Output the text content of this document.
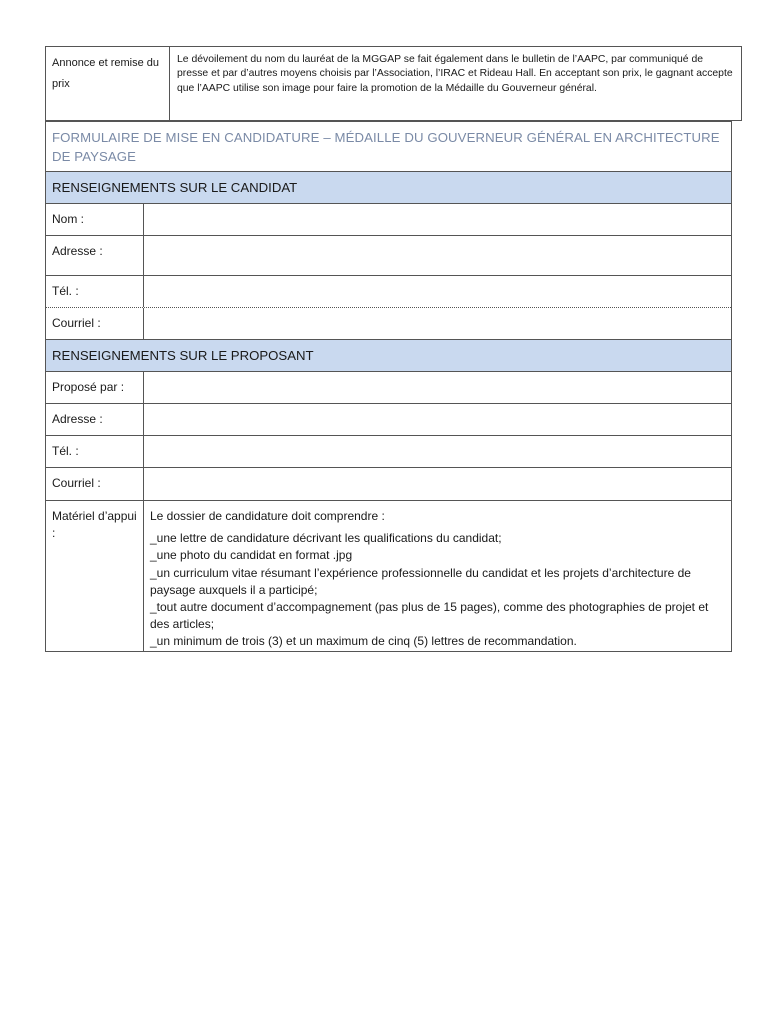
Annonce et remise du prix
Le dévoilement du nom du lauréat de la MGGAP se fait également dans le bulletin de l’AAPC, par communiqué de presse et par d’autres moyens choisis par l’Association, l’IRAC et Rideau Hall. En acceptant son prix, le gagnant accepte que l’AAPC utilise son image pour faire la promotion de la Médaille du Gouverneur général.
FORMULAIRE DE MISE EN CANDIDATURE – MÉDAILLE DU GOUVERNEUR GÉNÉRAL EN ARCHITECTURE DE PAYSAGE
RENSEIGNEMENTS SUR LE CANDIDAT
Nom :
Adresse :
Tél. :
Courriel :
RENSEIGNEMENTS SUR LE PROPOSANT
Proposé par :
Adresse :
Tél. :
Courriel :
Matériel d’appui :
Le dossier de candidature doit comprendre :
_une lettre de candidature décrivant les qualifications du candidat;
_une photo du candidat en format .jpg
_un curriculum vitae résumant l’expérience professionnelle du candidat et les projets d’architecture de paysage auxquels il a participé;
_tout autre document d’accompagnement (pas plus de 15 pages), comme des photographies de projet et des articles;
_un minimum de trois (3) et un maximum de cinq (5) lettres de recommandation.
